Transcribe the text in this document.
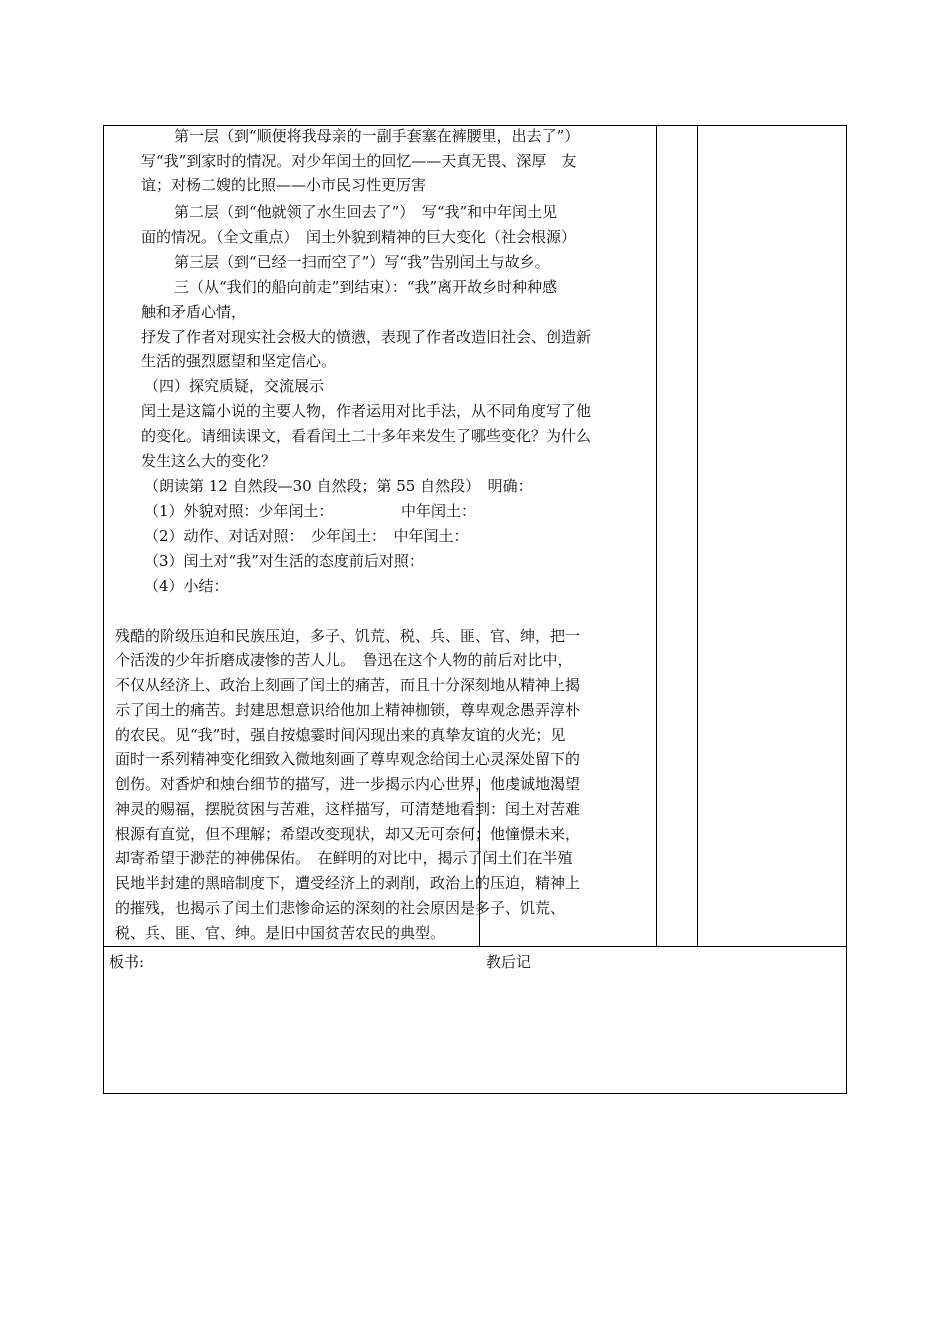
第一层（到“顺便将我母亲的一副手套塞在裤腰里，出去了”）
写“我”到家时的情况。对少年闰土的回忆——天真无畏、深厚　友
谊；对杨二嫂的比照——小市民习性更厉害
第二层（到“他就领了水生回去了”）　写“我”和中年闰土见
面的情况。（全文重点）　闰土外貌到精神的巨大变化（社会根源）
第三层（到“已经一扫而空了”）写“我”告别闰土与故乡。
三（从“我们的船向前走”到结束）：“我”离开故乡时种种感
触和矛盾心情，
抒发了作者对现实社会极大的愤懑，表现了作者改造旧社会、创造新
生活的强烈愿望和坚定信心。
（四）探究质疑，交流展示
闰土是这篇小说的主要人物，作者运用对比手法，从不同角度写了他
的变化。请细读课文，看看闰土二十多年来发生了哪些变化？为什么
发生这么大的变化？
（朗读第 12 自然段—30 自然段；第 55 自然段）　明确：
（1）外貌对照：少年闰土：　　　　　中年闰土：
（2）动作、对话对照：　少年闰土：　中年闰土：
（3）闰土对“我”对生活的态度前后对照：
（4）小结：
残酷的阶级压迫和民族压迫，多子、饥荒、税、兵、匪、官、绅，把一
个活泼的少年折磨成凄惨的苦人儿。　鲁迅在这个人物的前后对比中，
不仅从经济上、政治上刻画了闰土的痛苦，而且十分深刻地从精神上揭
示了闰土的痛苦。封建思想意识给他加上精神枷锁，尊卑观念愚弄淳朴
的农民。见“我”时，强自按熄霎时间闪现出来的真挚友谊的火光；见
面时一系列精神变化细致入微地刻画了尊卑观念给闰土心灵深处留下的
创伤。对香炉和烛台细节的描写，进一步揭示内心世界，他虔诚地渴望
神灵的赐福，摆脱贫困与苦难，这样描写，可清楚地看到：闰土对苦难
根源有直觉，但不理解；希望改变现状，却又无可奈何；他憧憬未来，
却寄希望于渺茫的神佛保佑。　在鲜明的对比中，揭示了闰土们在半殖
民地半封建的黑暗制度下，遭受经济上的剥削，政治上的压迫，精神上
的摧残，也揭示了闰土们悲惨命运的深刻的社会原因是多子、饥荒、
税、兵、匪、官、绅。是旧中国贫苦农民的典型。
板书:	教后记
